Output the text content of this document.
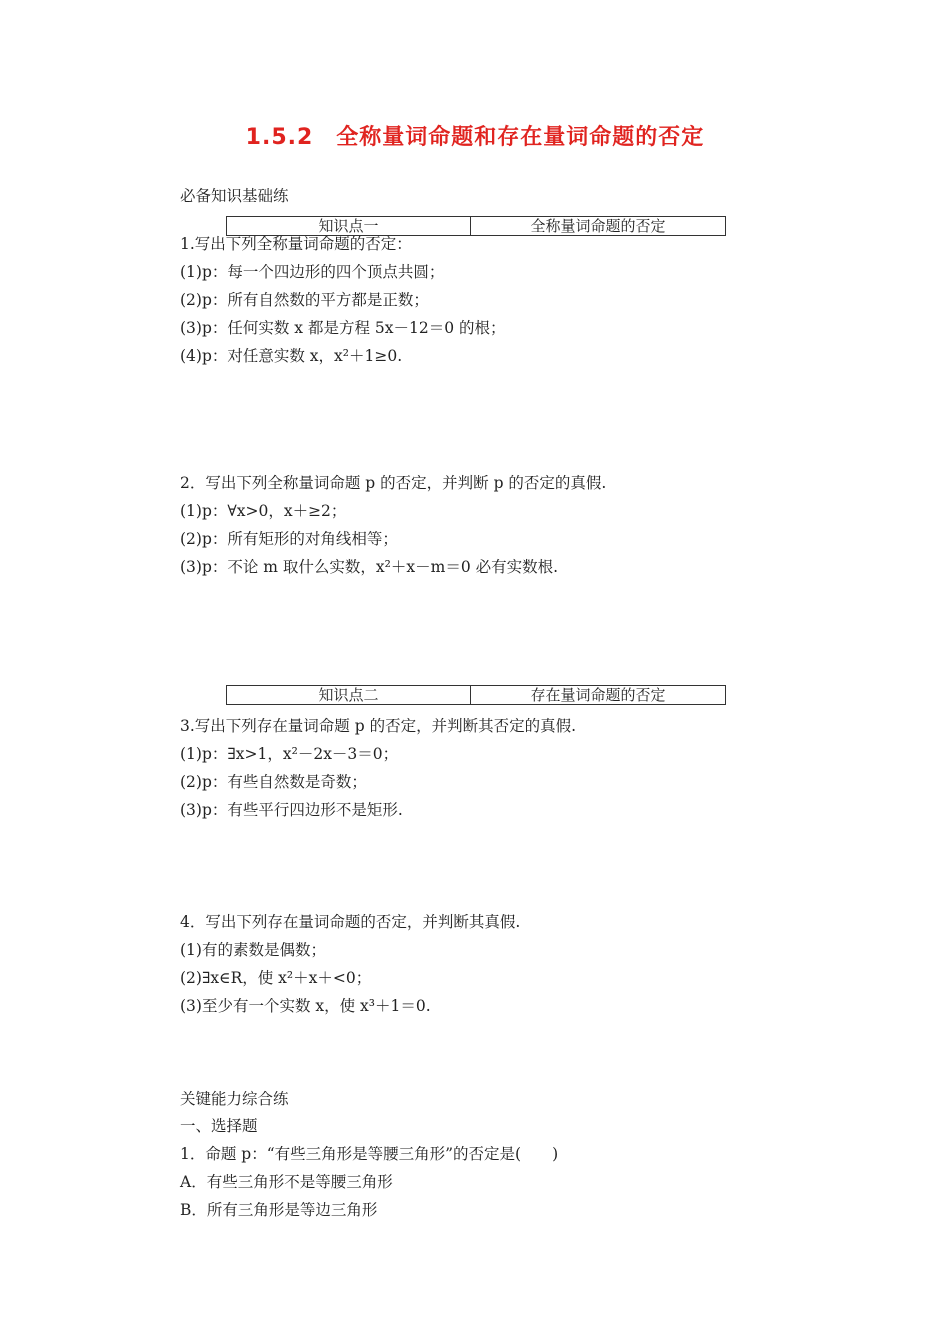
1.5.2　全称量词命题和存在量词命题的否定
必备知识基础练
知识点一	全称量词命题的否定
1.写出下列全称量词命题的否定：
(1)p：每一个四边形的四个顶点共圆；
(2)p：所有自然数的平方都是正数；
(3)p：任何实数 x 都是方程 5x－12＝0 的根；
(4)p：对任意实数 x，x²＋1≥0.
2．写出下列全称量词命题 p 的否定，并判断 p 的否定的真假.
(1)p：∀x>0，x＋≥2；
(2)p：所有矩形的对角线相等；
(3)p：不论 m 取什么实数，x²＋x－m＝0 必有实数根.
知识点二	存在量词命题的否定
3.写出下列存在量词命题 p 的否定，并判断其否定的真假.
(1)p：∃x>1，x²－2x－3＝0；
(2)p：有些自然数是奇数；
(3)p：有些平行四边形不是矩形.
4．写出下列存在量词命题的否定，并判断其真假.
(1)有的素数是偶数；
(2)∃x∈R，使 x²＋x＋<0；
(3)至少有一个实数 x，使 x³＋1＝0.
关键能力综合练
一、选择题
1．命题 p：“有些三角形是等腰三角形”的否定是(　　)
A．有些三角形不是等腰三角形
B．所有三角形是等边三角形
